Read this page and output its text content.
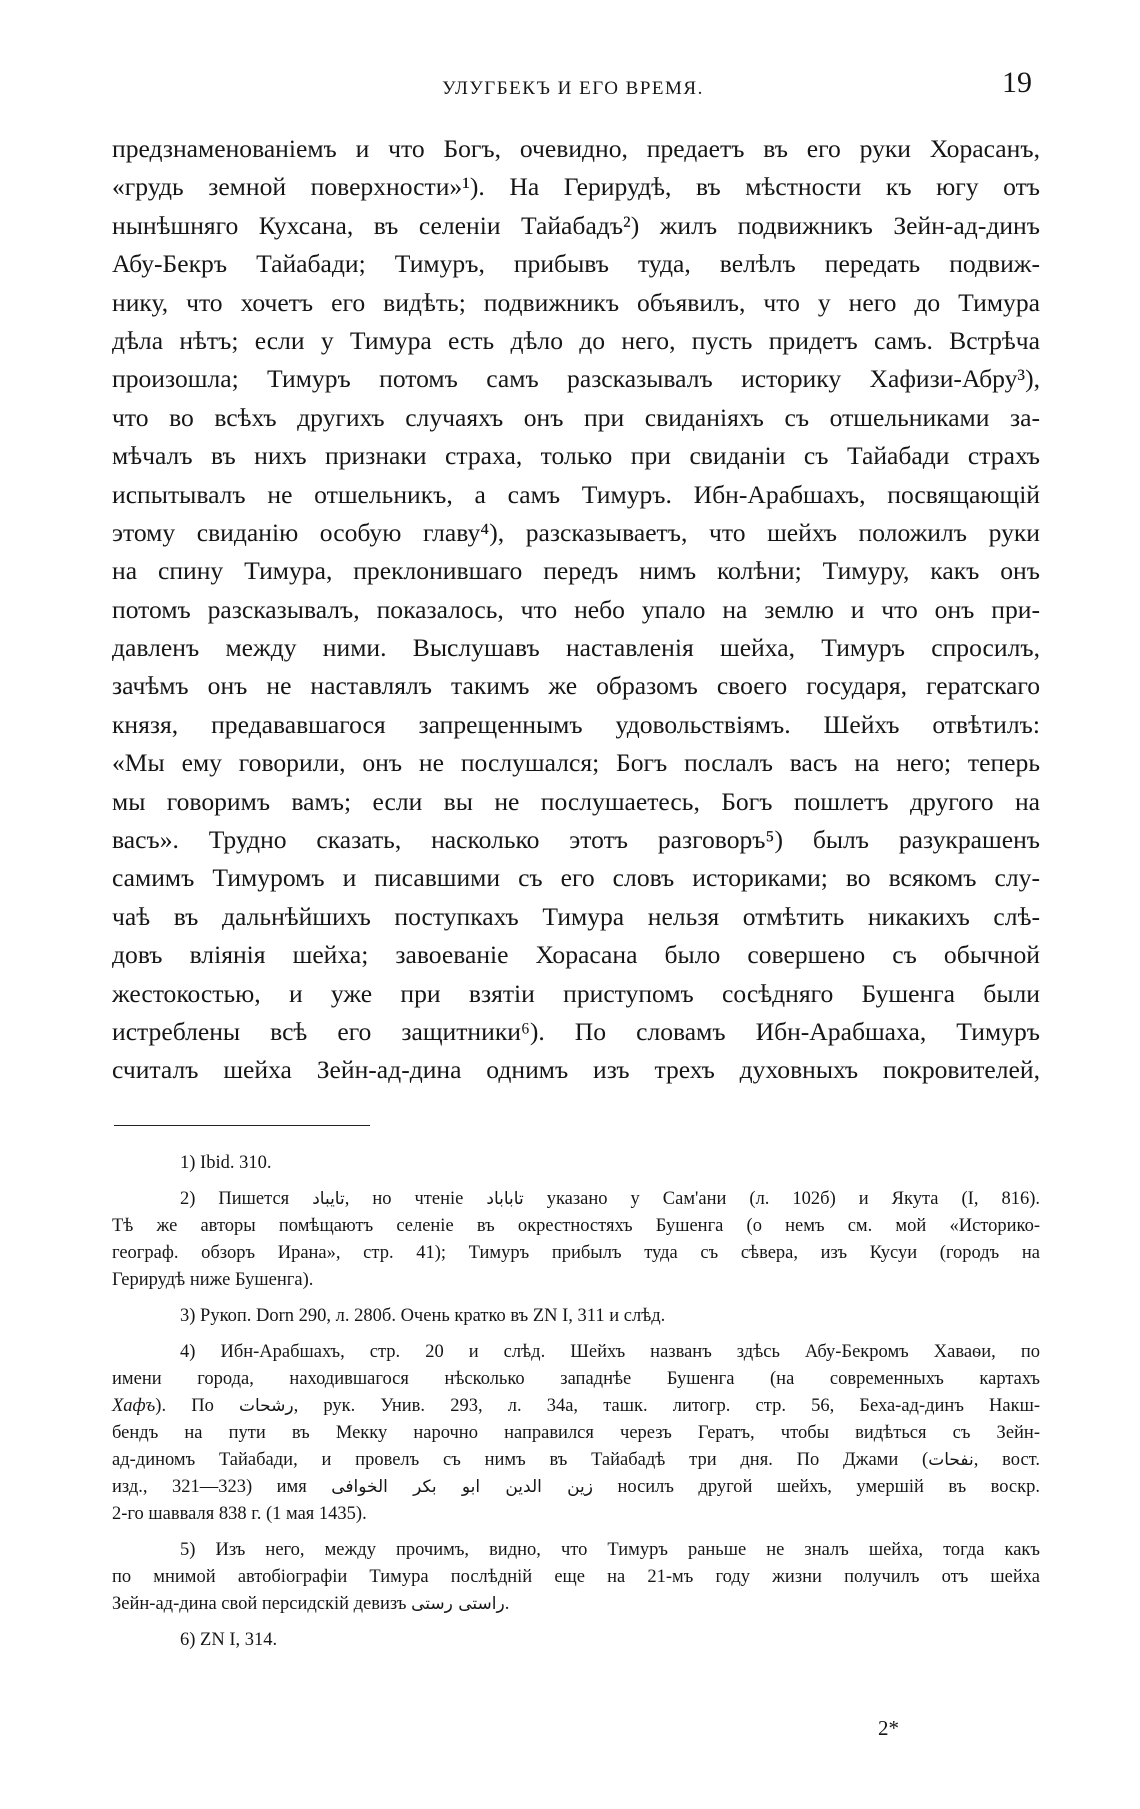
УЛУГБЕКЪ И ЕГО ВРЕМЯ.	19
предзнаменованіемъ и что Богъ, очевидно, предаетъ въ его руки Хорасанъ,
«грудь земной поверхности»¹). На Герирудѣ, въ мѣстности къ югу отъ
нынѣшняго Кухсана, въ селеніи Тайабадъ²) жилъ подвижникъ Зейн-ад-динъ
Абу-Бекръ Тайабади; Тимуръ, прибывъ туда, велѣлъ передать подвиж-
нику, что хочетъ его видѣть; подвижникъ объявилъ, что у него до Тимура
дѣла нѣтъ; если у Тимура есть дѣло до него, пусть придетъ самъ. Встрѣча
произошла; Тимуръ потомъ самъ разсказывалъ историку Хафизи-Абру³),
что во всѣхъ другихъ случаяхъ онъ при свиданіяхъ съ отшельниками за-
мѣчалъ въ нихъ признаки страха, только при свиданіи съ Тайабади страхъ
испытывалъ не отшельникъ, а самъ Тимуръ. Ибн-Арабшахъ, посвящающій
этому свиданію особую главу⁴), разсказываетъ, что шейхъ положилъ руки
на спину Тимура, преклонившаго передъ нимъ колѣни; Тимуру, какъ онъ
потомъ разсказывалъ, показалось, что небо упало на землю и что онъ при-
давленъ между ними. Выслушавъ наставленія шейха, Тимуръ спросилъ,
зачѣмъ онъ не наставлялъ такимъ же образомъ своего государя, гератскаго
князя, предававшагося запрещеннымъ удовольствіямъ. Шейхъ отвѣтилъ:
«Мы ему говорили, онъ не послушался; Богъ послалъ васъ на него; теперь
мы говоримъ вамъ; если вы не послушаетесь, Богъ пошлетъ другого на
васъ». Трудно сказать, насколько этотъ разговоръ⁵) былъ разукрашенъ
самимъ Тимуромъ и писавшими съ его словъ историками; во всякомъ слу-
чаѣ въ дальнѣйшихъ поступкахъ Тимура нельзя отмѣтить никакихъ слѣ-
довъ вліянія шейха; завоеваніе Хорасана было совершено съ обычной
жестокостью, и уже при взятіи приступомъ сосѣдняго Бушенга были
истреблены всѣ его защитники⁶). По словамъ Ибн-Арабшаха, Тимуръ
считалъ шейха Зейн-ад-дина однимъ изъ трехъ духовныхъ покровителей,
1) Ibid. 310.
2) Пишется تايباد, но чтеніе تاباباد указано у Сам'ани (л. 102б) и Якута (I, 816).
Тѣ же авторы помѣщаютъ селеніе въ окрестностяхъ Бушенга (о немъ см. мой «Историко-
географ. обзоръ Ирана», стр. 41); Тимуръ прибылъ туда съ сѣвера, изъ Кусуи (городъ на
Герирудѣ ниже Бушенга).
3) Рукоп. Dorn 290, л. 280б. Очень кратко въ ZN I, 311 и слѣд.
4) Ибн-Арабшахъ, стр. 20 и слѣд. Шейхъ названъ здѣсь Абу-Бекромъ Хаваѳи, по
имени города, находившагося нѣсколько западнѣе Бушенга (на современныхъ картахъ
Хафъ). По رشحات, рук. Унив. 293, л. 34а, ташк. литогр. стр. 56, Беха-ад-динъ Накш-
бендъ на пути въ Мекку нарочно направился черезъ Гератъ, чтобы видѣться съ Зейн-
ад-диномъ Тайабади, и провелъ съ нимъ въ Тайабадѣ три дня. По Джами (نفحات, вост.
изд., 321—323) имя زين الدين ابو بكر الخوافى носилъ другой шейхъ, умершій въ воскр.
2-го шавваля 838 г. (1 мая 1435).
5) Изъ него, между прочимъ, видно, что Тимуръ раньше не зналъ шейха, тогда какъ
по мнимой автобіографіи Тимура послѣдній еще на 21-мъ году жизни получилъ отъ шейха
Зейн-ад-дина свой персидскій девизъ راستى رستى.
6) ZN I, 314.
2*
